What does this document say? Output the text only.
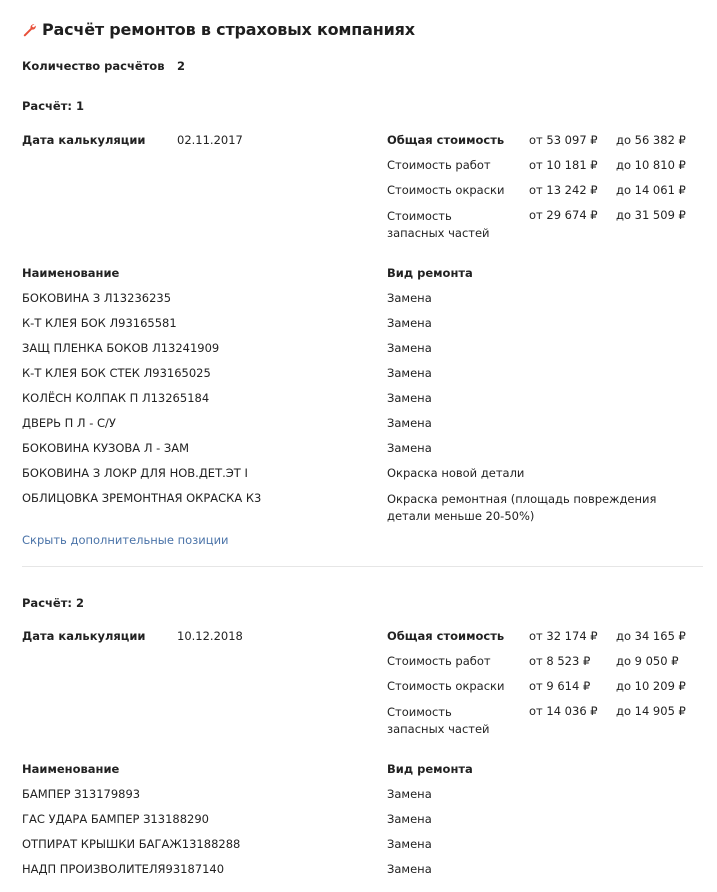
Расчёт ремонтов в страховых компаниях
Количество расчётов 2
Расчёт: 1
Дата калькуляции	02.11.2017	Общая стоимость от 53 097 ₽ до 56 382 ₽
Стоимость работ	от 10 181 ₽ до 10 810 ₽
Стоимость окраски от 13 242 ₽ до 14 061 ₽
Стоимость запасных частей
от 29 674 ₽ до 31 509 ₽
Наименование	Вид ремонта
БОКОВИНА З Л13236235	Замена
К-Т КЛЕЯ БОК Л93165581	Замена
ЗАЩ ПЛЕНКА БОКОВ Л13241909	Замена
К-Т КЛЕЯ БОК СТЕК Л93165025	Замена
КОЛЁСН КОЛПАК П Л13265184	Замена
ДВЕРЬ П Л - С/У	Замена
БОКОВИНА КУЗОВА Л - ЗАМ	Замена
БОКОВИНА З ЛОКР ДЛЯ НОВ.ДЕТ.ЭТ I	Окраска новой детали
ОБЛИЦОВКА ЗРЕМОНТНАЯ ОКРАСКА К3	Окраска ремонтная (площадь повреждения детали меньше 20-50%)
Скрыть дополнительные позиции
Расчёт: 2
Дата калькуляции	10.12.2018	Общая стоимость от 32 174 ₽ до 34 165 ₽
Стоимость работ	от 8 523 ₽ до 9 050 ₽
Стоимость окраски от 9 614 ₽ до 10 209 ₽
Стоимость запасных частей
от 14 036 ₽ до 14 905 ₽
Наименование	Вид ремонта
БАМПЕР З13179893	Замена
ГАС УДАРА БАМПЕР З13188290	Замена
ОТПИРАТ КРЫШКИ БАГАЖ13188288	Замена
НАДП ПРОИЗВОЛИТЕЛЯ93187140	Замена
